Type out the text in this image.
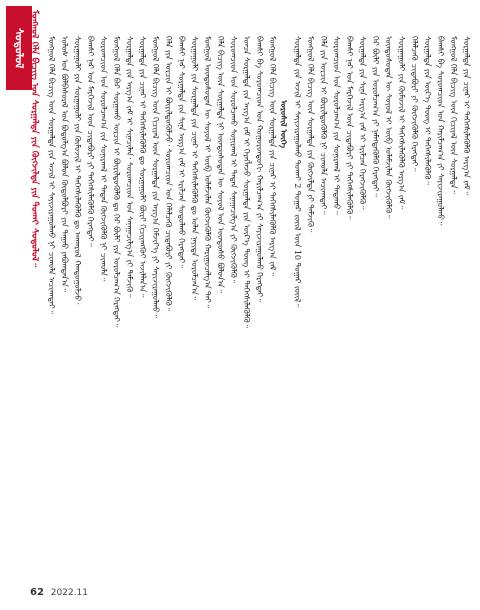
ᠰᠤᠳᠤᠯᠤᠯ ᠮᠣᠩᠭᠣᠯ ᠬᠡᠯᠡ ᠪᠢᠴᠢᠭ ᠤᠨ ᠰᠤᠷᠭᠠᠯᠲᠠ ᠶᠢᠨ ᠬᠥᠭᠵᠢᠯᠲᠡ ᠶᠢᠨ ᠲᠤᠬᠠᠢ ᠰᠤᠳᠤᠯᠤᠯ᠃ ᠮᠣᠩᠭᠣᠯ ᠬᠡᠯᠡ ᠪᠢᠴᠢᠭ ᠦᠨ ᠰᠤᠷᠭᠠᠯᠲᠠ ᠶᠢᠨ ᠠᠵᠢᠯ ᠢ ᠰᠠᠶᠢᠵᠢᠷᠠᠭᠤᠯᠬᠤ ᠨᠢ ᠴᠢᠬᠤᠯᠠ ᠠᠴᠢᠬᠠᠲᠠᠢ᠃ ᠤᠯᠤᠰ ᠤᠨ ᠪᠣᠯᠪᠠᠰᠤᠷᠠᠯ ᠤᠨ ᠪᠣᠳᠤᠯᠭ᠎ᠠ ᠪᠣᠯᠤᠨ ᠬᠥᠲᠦᠯᠪᠦᠷᠢ ᠶᠢᠨ ᠳᠠᠭᠠᠤ ᠶᠠᠪᠤᠭᠳᠠᠨ᠎ᠠ᠃ ᠰᠤᠷᠭᠠᠭᠤᠯᠢ ᠶᠢᠨ ᠰᠤᠷᠭᠠᠭᠤᠯᠢ ᠶᠢᠨ ᠬᠦᠮᠦᠵᠢᠯ ᠢ ᠳᠡᠭᠡᠭᠰᠢᠯᠡᠭᠦᠯᠬᠦ ᠳᠤ ᠠᠨᠬᠠᠷᠤᠯ ᠬᠠᠨᠳᠤᠭᠤᠯᠵᠤ᠂ ᠪᠠᠭᠰᠢ ᠨᠠᠷ ᠤᠨ ᠮᠡᠷᠭᠡᠵᠢᠯ ᠦᠨ ᠴᠢᠳᠠᠪᠤᠷᠢ ᠶᠢ ᠳᠡᠭᠡᠭᠰᠢᠯᠡᠭᠦᠯᠬᠦ ᠬᠡᠷᠡᠭᠲᠡᠢ᠃ ᠰᠤᠷᠤᠭᠴᠢᠳ ᠤᠨ ᠰᠤᠷᠤᠯᠴᠠᠭ᠎ᠠ ᠶᠢᠨ ᠰᠣᠨᠢᠷᠬᠠᠯ ᠢ ᠲᠠᠲᠠᠨ ᠬᠥᠭᠵᠢᠭᠦᠯᠬᠦ ᠨᠢ ᠴᠢᠬᠤᠯᠠ᠃ ᠮᠣᠩᠭᠣᠯ ᠬᠡᠯᠡ ᠪᠡᠷ ᠰᠤᠷᠭᠠᠬᠤ ᠣᠷᠴᠢᠨ ᠢ ᠪᠦᠷᠢᠯᠳᠦᠭᠦᠯᠬᠦ ᠳᠤ ᠭᠡᠷ ᠪᠦᠯᠢ ᠶᠢᠨ ᠤᠷᠤᠯᠴᠠᠭ᠎ᠠ ᠬᠡᠷᠡᠭᠲᠡᠢ᠃ ᠰᠤᠷᠭᠠᠯᠲᠠ ᠶᠢᠨ ᠠᠷᠭ᠎ᠠ ᠵᠠᠮ ᠢ ᠰᠢᠨᠡᠴᠢᠯᠡᠨ᠂ ᠰᠤᠷᠤᠭᠴᠢᠳ ᠤᠨ ᠰᠠᠨᠠᠭᠠᠴᠢᠯᠭ᠎ᠠ ᠶᠢ ᠳᠡᠮᠵᠢᠬᠦ᠃ ᠰᠤᠷᠭᠠᠯᠲᠠ ᠶᠢᠨ ᠴᠢᠨᠠᠷ ᠢ ᠳᠡᠭᠡᠭᠰᠢᠯᠡᠭᠦᠯᠬᠦ ᠳᠤ ᠰᠤᠷᠭᠠᠭᠤᠯᠢ ᠪᠦᠷᠢ ᠬᠢᠴᠢᠶᠡᠩᠭᠦᠢ ᠠᠵᠢᠯᠯᠠᠨ᠎ᠠ᠃ ᠮᠣᠩᠭᠣᠯ ᠬᠡᠯᠡ ᠪᠢᠴᠢᠭ ᠦᠨ ᠬᠢᠴᠢᠶᠡᠯ ᠦᠨ ᠰᠤᠷᠭᠠᠯᠲᠠ ᠶᠢᠨ ᠠᠷᠭ᠎ᠠ ᠬᠡᠮᠵᠢᠶ᠎ᠡ ᠶᠢ ᠰᠠᠶᠢᠵᠢᠷᠠᠭᠤᠯᠬᠤ᠃ ᠬᠡᠯᠡ ᠶᠢᠨ ᠣᠷᠴᠢᠨ ᠢ ᠪᠦᠷᠢᠯᠳᠦᠭᠦᠯᠵᠦ᠂ ᠰᠤᠷᠤᠭᠴᠢᠳ ᠤᠨ ᠬᠡᠯᠡᠯᠴᠡᠬᠦ ᠴᠢᠳᠠᠪᠤᠷᠢ ᠶᠢ ᠬᠥᠭᠵᠢᠭᠦᠯᠬᠦ᠃ ᠪᠠᠭᠰᠢ ᠨᠠᠷ ᠰᠤᠷᠭᠠᠯᠲᠠ ᠶᠢᠨ ᠰᠢᠨᠡ ᠠᠷᠭ᠎ᠠ ᠵᠠᠮ ᠢ ᠡᠷᠢᠯᠴᠡᠨ ᠰᠤᠳᠤᠯᠬᠤ ᠬᠡᠷᠡᠭᠲᠡᠢ᠃ ᠰᠤᠷᠭᠠᠭᠤᠯᠢ ᠶᠢᠨ ᠰᠤᠷᠭᠠᠯᠲᠠ ᠶᠢᠨ ᠴᠢᠨᠠᠷ ᠢ ᠳᠡᠭᠡᠭᠰᠢᠯᠡᠭᠦᠯᠬᠦ ᠳᠤ ᠣᠯᠠᠨ ᠨᠡᠶᠢᠲᠡ ᠣᠷᠤᠯᠴᠠᠨ᠎ᠠ᠃ ᠮᠣᠩᠭᠣᠯ ᠦᠨᠳᠦᠰᠦᠲᠡᠨ ᠦ ᠰᠣᠶᠤᠯ ᠢ ᠥᠪ ᠤᠯᠠᠮᠵᠢᠯᠠᠨ ᠬᠥᠭᠵᠢᠭᠦᠯᠬᠦ ᠬᠠᠷᠢᠭᠤᠴᠠᠯᠭ᠎ᠠ ᠲᠠᠢ᠃ ᠬᠡᠯᠡ ᠪᠢᠴᠢᠭ ᠦᠨ ᠰᠤᠷᠭᠠᠯᠲᠠ ᠨᠢ ᠦᠨᠳᠦᠰᠦᠲᠡᠨ ᠦ ᠰᠣᠶᠤᠯ ᠤᠨ ᠦᠨᠳᠦᠰᠦ ᠪᠣᠯᠤᠨ᠎ᠠ᠃ ᠰᠤᠷᠤᠭᠴᠢᠳ ᠤᠨ ᠰᠤᠷᠤᠯᠴᠠᠬᠤ ᠰᠣᠨᠢᠷᠬᠠᠯ ᠢ ᠲᠠᠲᠠᠨ ᠰᠠᠨᠠᠭᠠᠴᠢᠯᠭ᠎ᠠ ᠶᠢ ᠬᠥᠭᠵᠢᠭᠦᠯᠬᠦ᠃ ᠣᠨᠴᠠ ᠰᠤᠷᠭᠠᠯᠲᠠ ᠶᠢᠨ ᠠᠷᠭ᠎ᠠ ᠵᠠᠮ ᠢ ᠬᠡᠷᠡᠭᠯᠡᠵᠦ ᠰᠤᠷᠭᠠᠯᠲᠠ ᠶᠢᠨ ᠦᠷ᠎ᠡ ᠳᠦᠩ ᠢ ᠳᠡᠭᠡᠭᠰᠢᠯᠡᠭᠦᠯᠬᠦ᠃ ᠪᠠᠭᠰᠢ ᠪᠠ ᠰᠤᠷᠤᠭᠴᠢᠳ ᠤᠨ ᠬᠣᠭᠣᠷᠣᠨᠳᠣᠬᠢ ᠬᠠᠷᠢᠯᠴᠠᠭ᠎ᠠ ᠶᠢ ᠰᠠᠶᠢᠵᠢᠷᠠᠭᠤᠯᠬᠤ ᠬᠡᠷᠡᠭᠲᠡᠢ᠃ ᠮᠣᠩᠭᠣᠯ ᠬᠡᠯᠡ ᠪᠢᠴᠢᠭ ᠦᠨ ᠰᠤᠷᠭᠠᠯᠲᠠ ᠶᠢᠨ ᠴᠢᠨᠠᠷ ᠢ ᠳᠡᠭᠡᠭᠰᠢᠯᠡᠭᠦᠯᠬᠦ ᠠᠷᠭ᠎ᠠ ᠵᠠᠮ᠃ ᠣᠷᠤᠰᠢᠯ ᠦᠭᠡ ᠰᠤᠷᠭᠠᠯᠲᠠ ᠶᠢᠨ ᠠᠵᠢᠯ ᠢ ᠰᠠᠶᠢᠵᠢᠷᠠᠭᠤᠯᠬᠤ ᠲᠤᠬᠠᠢ 2 ᠳᠤᠭᠠᠷ ᠵᠦᠢᠯ ᠦᠨ 10 ᠳᠤᠭᠠᠷ ᠵᠦᠢᠯ᠃ ᠮᠣᠩᠭᠣᠯ ᠬᠡᠯᠡ ᠪᠢᠴᠢᠭ ᠦᠨ ᠰᠤᠷᠭᠠᠯᠲᠠ ᠶᠢᠨ ᠬᠥᠭᠵᠢᠯᠲᠡ ᠶᠢ ᠳᠡᠮᠵᠢᠬᠦ᠃ ᠬᠡᠯᠡ ᠶᠢᠨ ᠣᠷᠴᠢᠨ ᠢ ᠪᠦᠷᠢᠯᠳᠦᠭᠦᠯᠬᠦ ᠨᠢ ᠴᠢᠬᠤᠯᠠ ᠠᠴᠢᠬᠠᠲᠠᠢ᠃ ᠰᠤᠷᠤᠭᠴᠢᠳ ᠤᠨ ᠰᠤᠷᠤᠯᠴᠠᠭ᠎ᠠ ᠶᠢᠨ ᠰᠣᠨᠢᠷᠬᠠᠯ ᠢ ᠲᠠᠲᠠᠬᠤ᠃ ᠪᠠᠭᠰᠢ ᠨᠠᠷ ᠤᠨ ᠮᠡᠷᠭᠡᠵᠢᠯ ᠦᠨ ᠴᠢᠳᠠᠪᠤᠷᠢ ᠶᠢ ᠳᠡᠭᠡᠭᠰᠢᠯᠡᠭᠦᠯᠬᠦ᠃ ᠰᠤᠷᠭᠠᠯᠲᠠ ᠶᠢᠨ ᠰᠢᠨᠡ ᠠᠷᠭ᠎ᠠ ᠵᠠᠮ ᠢ ᠡᠷᠢᠯᠴᠡᠨ ᠬᠡᠷᠡᠭᠵᠢᠭᠦᠯᠬᠦ᠃ ᠭᠡᠷ ᠪᠦᠯᠢ ᠶᠢᠨ ᠤᠷᠤᠯᠴᠠᠭ᠎ᠠ ᠶᠢ ᠨᠡᠮᠡᠭᠳᠡᠭᠦᠯᠬᠦ ᠬᠡᠷᠡᠭᠲᠡᠢ᠃ ᠦᠨᠳᠦᠰᠦᠲᠡᠨ ᠦ ᠰᠣᠶᠤᠯ ᠢ ᠥᠪ ᠤᠯᠠᠮᠵᠢᠯᠠᠨ ᠬᠥᠭᠵᠢᠭᠦᠯᠬᠦ᠃ ᠰᠤᠷᠭᠠᠭᠤᠯᠢ ᠶᠢᠨ ᠬᠦᠮᠦᠵᠢᠯ ᠢ ᠳᠡᠭᠡᠭᠰᠢᠯᠡᠭᠦᠯᠬᠦ ᠠᠷᠭ᠎ᠠ ᠵᠠᠮ᠃ ᠬᠡᠯᠡᠯᠴᠡᠬᠦ ᠴᠢᠳᠠᠪᠤᠷᠢ ᠶᠢ ᠬᠥᠭᠵᠢᠭᠦᠯᠬᠦ ᠬᠡᠷᠡᠭᠲᠡᠢ᠃ ᠰᠤᠷᠭᠠᠯᠲᠠ ᠶᠢᠨ ᠦᠷ᠎ᠡ ᠳᠦᠩ ᠢ ᠳᠡᠭᠡᠭᠰᠢᠯᠡᠭᠦᠯᠬᠦ᠃ ᠪᠠᠭᠰᠢ ᠪᠠ ᠰᠤᠷᠤᠭᠴᠢᠳ ᠤᠨ ᠬᠠᠷᠢᠯᠴᠠᠭ᠎ᠠ ᠶᠢ ᠰᠠᠶᠢᠵᠢᠷᠠᠭᠤᠯᠬᠤ᠃ ᠮᠣᠩᠭᠣᠯ ᠬᠡᠯᠡ ᠪᠢᠴᠢᠭ ᠦᠨ ᠬᠢᠴᠢᠶᠡᠯ ᠦᠨ ᠰᠤᠷᠭᠠᠯᠲᠠ᠃ ᠰᠤᠷᠭᠠᠯᠲᠠ ᠶᠢᠨ ᠴᠢᠨᠠᠷ ᠢ ᠳᠡᠭᠡᠭᠰᠢᠯᠡᠭᠦᠯᠬᠦ ᠠᠷᠭ᠎ᠠ ᠵᠠᠮ᠃
62 2022.11
